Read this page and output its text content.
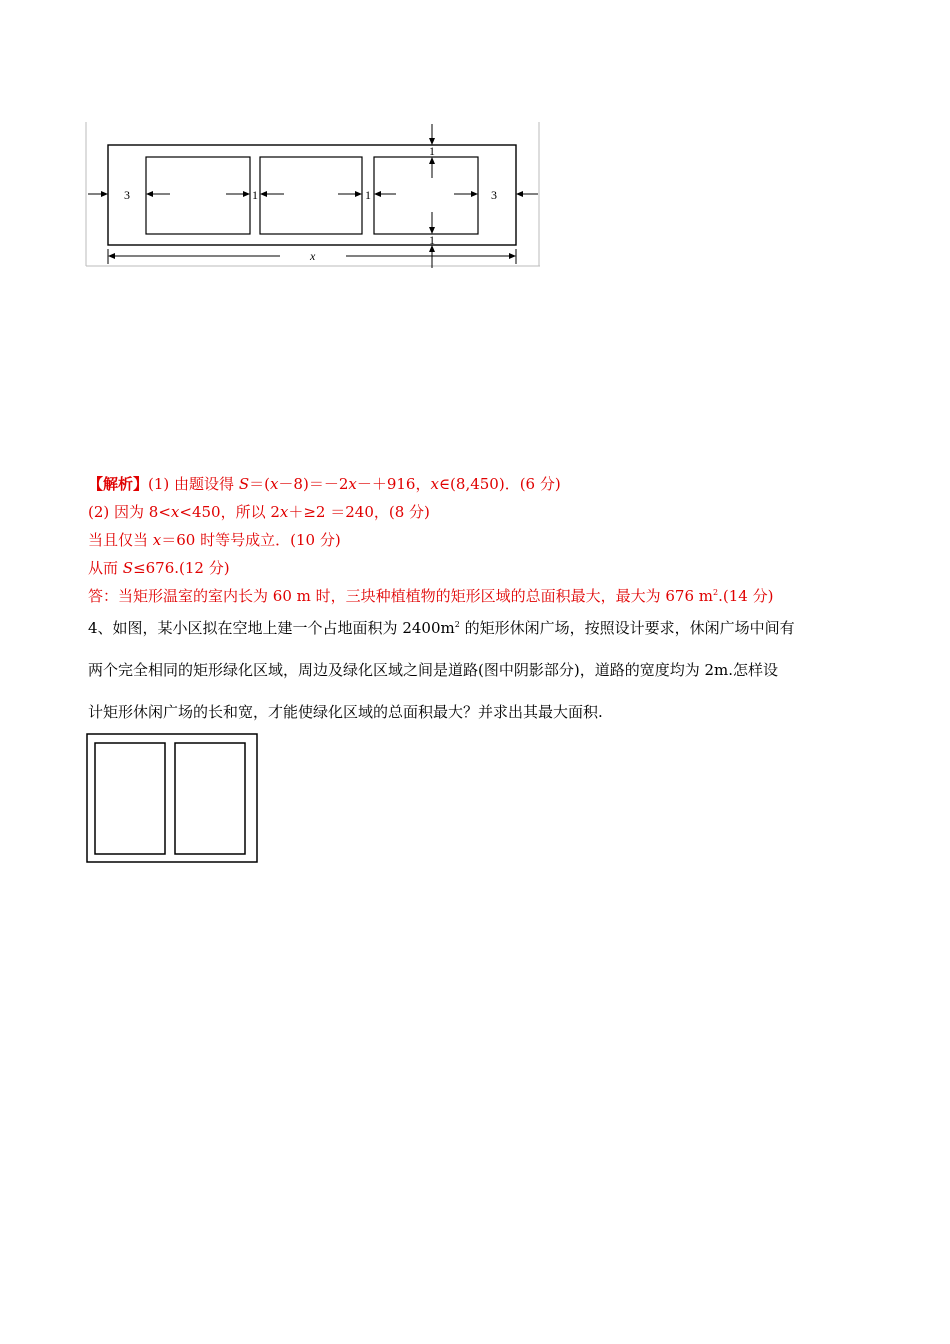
3	1	1	3
1
1
x
【解析】(1) 由题设得 S＝(x－8)＝－2x－＋916，x∈(8,450)．(6 分)
(2) 因为 8<x<450，所以 2x＋≥2 ＝240，(8 分)
当且仅当 x＝60 时等号成立．(10 分)
从而 S≤676.(12 分)
答：当矩形温室的室内长为 60 m 时，三块种植植物的矩形区域的总面积最大，最大为 676 $m^2.(14$ 分)
4、如图，某小区拟在空地上建一个占地面积为 $2400m^2$ 的矩形休闲广场，按照设计要求，休闲广场中间有
两个完全相同的矩形绿化区域，周边及绿化区域之间是道路(图中阴影部分)，道路的宽度均为 2m.怎样设
计矩形休闲广场的长和宽，才能使绿化区域的总面积最大？并求出其最大面积.
